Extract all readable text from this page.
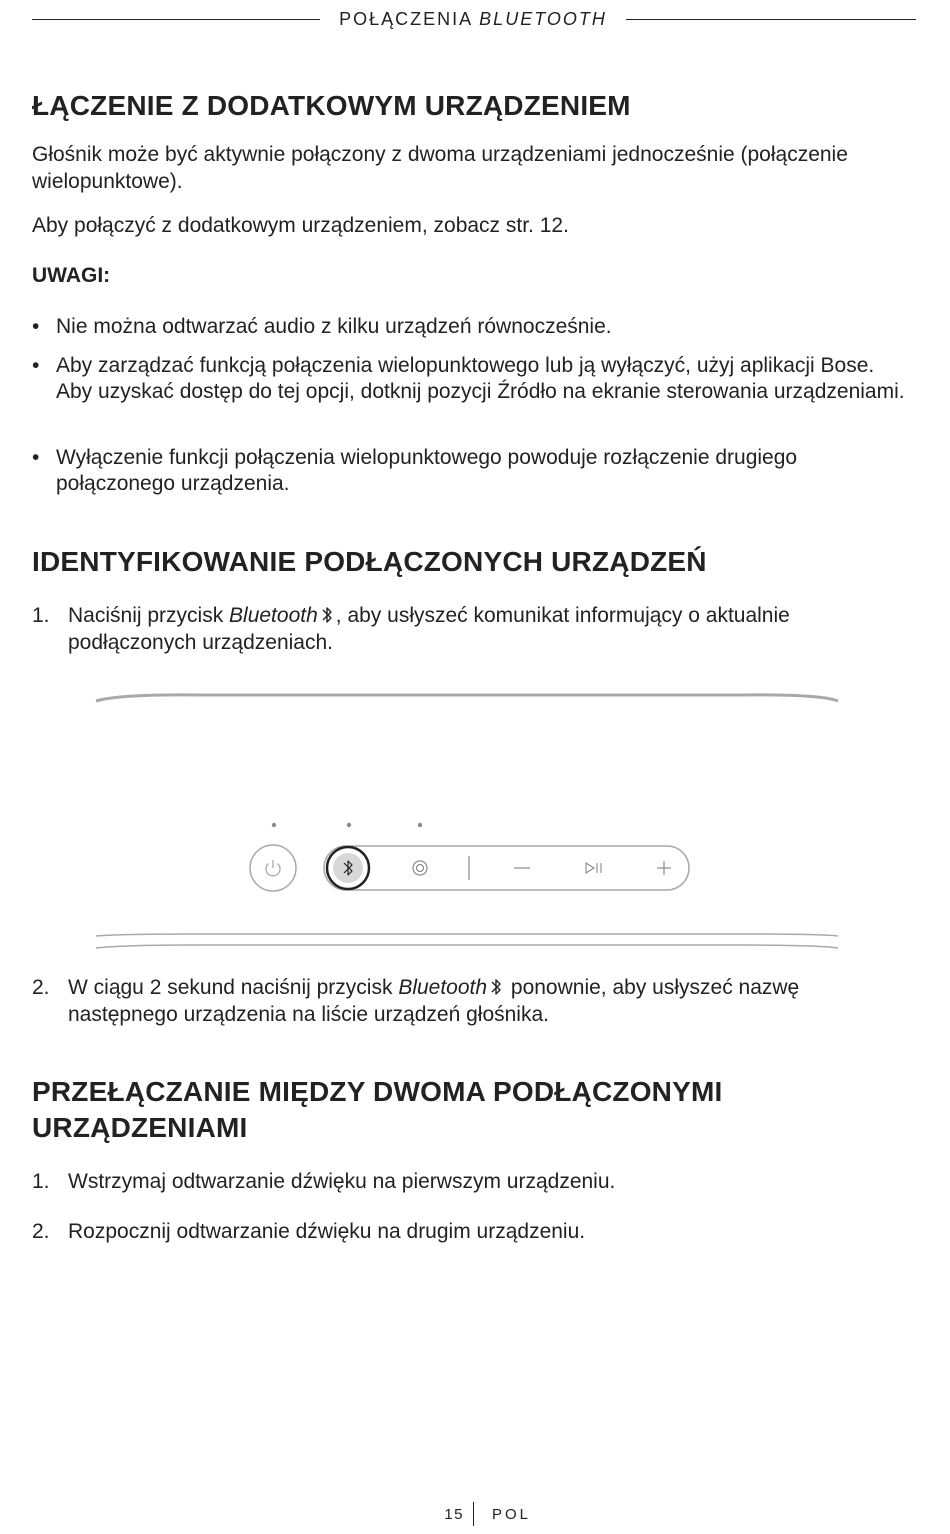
POŁĄCZENIA BLUETOOTH
ŁĄCZENIE Z DODATKOWYM URZĄDZENIEM

Głośnik może być aktywnie połączony z dwoma urządzeniami jednocześnie (połączenie wielopunktowe).

Aby połączyć z dodatkowym urządzeniem, zobacz str. 12.

UWAGI:
• Nie można odtwarzać audio z kilku urządzeń równocześnie.
• Aby zarządzać funkcją połączenia wielopunktowego lub ją wyłączyć, użyj aplikacji Bose. Aby uzyskać dostęp do tej opcji, dotknij pozycji Źródło na ekranie sterowania urządzeniami.
• Wyłączenie funkcji połączenia wielopunktowego powoduje rozłączenie drugiego połączonego urządzenia.
IDENTYFIKOWANIE PODŁĄCZONYCH URZĄDZEŃ
1. Naciśnij przycisk Bluetooth , aby usłyszeć komunikat informujący o aktualnie podłączonych urządzeniach.
2. W ciągu 2 sekund naciśnij przycisk Bluetooth ponownie, aby usłyszeć nazwę następnego urządzenia na liście urządzeń głośnika.
PRZEŁĄCZANIE MIĘDZY DWOMA PODŁĄCZONYMI
URZĄDZENIAMI
1. Wstrzymaj odtwarzanie dźwięku na pierwszym urządzeniu.
2. Rozpocznij odtwarzanie dźwięku na drugim urządzeniu.
15 POL
